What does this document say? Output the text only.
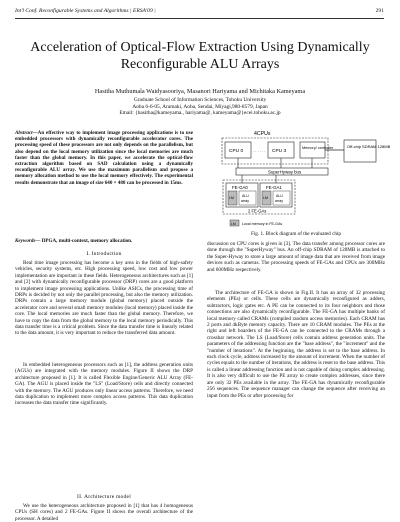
Int'l Conf. Reconfigurable Systems and Algorithms | ERSA'09 |	291
Acceleration of Optical-Flow Extraction Using Dynamically Reconfigurable ALU Arrays
Hasitha Muthumala Waidyasooriya, Masanori Hariyama and Michitaka Kameyama
Graduate School of Information Sciences, Tohoku University
Aoba 6-6-05, Aramaki, Aoba, Sendai, Miyagi,980-8579, Japan
Email: {hasitha@kameyama., hariyama@, kameyama@}ecei.tohoku.ac.jp
Abstract—An effective way to implement image processing applications is to use embedded processors with dynamically reconfigurable accelerator cores. The processing speed of these processors are not only depends on the parallelism, but also depend on the local memory utilization since the local memories are much faster than the global memory. In this paper, we accelerate the optical-flow extraction algorithm based on SAD calculation using a dynamically reconfigurable ALU array. We use the maximum parallelism and propose a memory allocation method to use the local memory effectively. The experimental results demonstrate that an image of size 640 × 480 can be processed in 15ms.
Keywords— DPGA, multi-context, memory allocation.
I. Introduction
Real time image processing has become a key area in the fields of high-safety vehicles, security systems, etc. High processing speed, low cost and low power implementation are important in these fields. Heterogeneous architectures such as [1] and [2] with dynamically reconfigurable processor (DRP) cores are a good platform to implement image processing applications. Unlike ASICs, the processing time of DRPs is decided by not only the parallel processing, but also the memory utilization. DRPs contain a large memory module (global memory) placed outside the accelerator core and several small memory modules (local memory) placed inside the core. The local memories are much faster than the global memory. Therefore, we have to copy the data from the global memory to the local memory periodically. This data transfer time is a critical problem. Since the data transfer time is linearly related to the data amount, it is very important to reduce the transferred data amount.
In embedded heterogeneous processors such as [1], the address generation units (AGUs) are integrated with the memory modules. Figure II shows the DRP architecture proposed in [1]. It is called Flexible Engine/Generic ALU Array (FE-GA). The AGU is placed inside the "LS" (Load/Store) cells and directly connected with the memory. The AGU produces only linear access patterns. Therefore, we need data duplication to implement more complex access patterns. This data duplication increases the data transfer time significantly.
II. Architecture model
We use the heterogeneous architecture proposed in [1] that has 4 homogeneous CPUs (SH cores) and 2 FE-GAs. Figure II shows the overall architecture of the processor. A detailed
4CPUs
CPU 0 . . . . . . CPU 3
Memory/ controller	Off-chip SDRAM 128MB
SuperHyway bus
FE-GA0
LM ALU
array
FE-GA1
LM ALU
array
2 FE-GAs
LM Local memory in FE-GAs
Fig. 1. Block diagram of the evaluated chip
discussion on CPU cores is given in [3]. The data transfer among processor cores are done through the "SuperHyway" bus. An off-chip SDRAM of 128MB is attached to the Super-Hyway to store a large amount of image data that are received from image devices such as cameras. The processing speeds of FE-GAs and CPUs are 300MHz and 600MHz respectively.
The architecture of FE-GA is shown in Fig.II. It has an array of 32 processing elements (PEs) or cells. These cells are dynamically reconfigured as adders, subtractors, logic gates etc. A PE can be connected to its four neighbors and those connections are also dynamically reconfigurable. The FE-GA has multiple banks of local memory called CRAMs (compiled random access memories). Each CRAM has 2 ports and 4kByte memory capacity. There are 10 CRAM modules. The PEs at the right and left boarders of the FE-GA can be connected to the CRAMs through a crossbar network. The LS (Load/Store) cells contain address generation units. The parameters of the addressing function are the "base address", the "increment" and the "number of iterations". At the beginning, the address is set to the base address. In each clock cycle, address increased by the amount of increment. When the number of cycles equals to the number of iterations, the address is reset to the base address. This is called a linear addressing function and is not capable of doing complex addressing. It is also very difficult to use the PE array to create complex addresses, since there are only 32 PEs available in the array. The FE-GA has dynamically reconfigurable 256 sequences. The sequence manager can change the sequence after receiving an input from the PEs or after processing for
